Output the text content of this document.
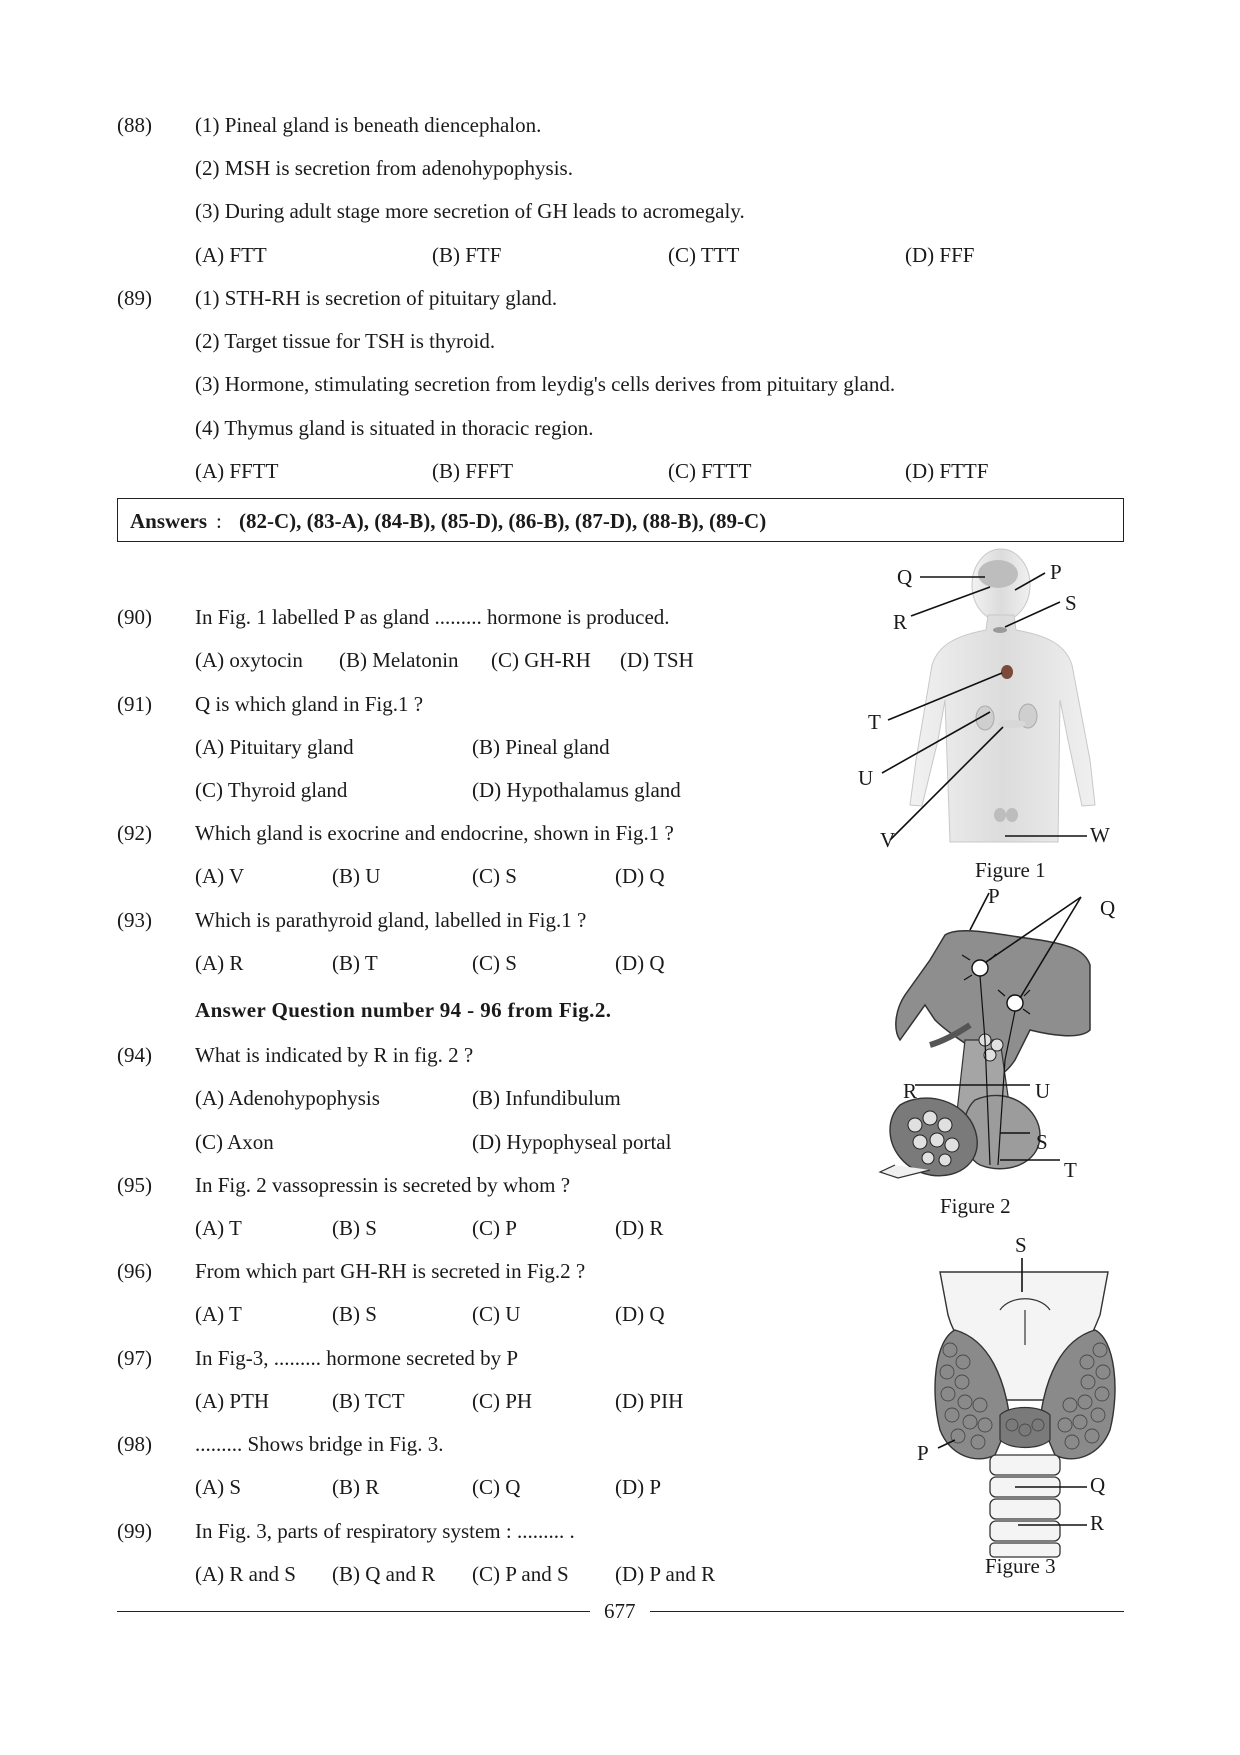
(88) (1) Pineal gland is beneath diencephalon.
(2) MSH is secretion from adenohypophysis.
(3) During adult stage more secretion of GH leads to acromegaly.
(A) FTT	(B) FTF	(C) TTT	(D) FFF
(89) (1) STH-RH is secretion of pituitary gland.
(2) Target tissue for TSH is thyroid.
(3) Hormone, stimulating secretion from leydig's cells derives from pituitary gland.
(4) Thymus gland is situated in thoracic region.
(A) FFTT	(B) FFFT	(C) FTTT	(D) FTTF
Answers : (82-C), (83-A), (84-B), (85-D), (86-B), (87-D), (88-B), (89-C)
(90) In Fig. 1 labelled P as gland ......... hormone is produced.
(A) oxytocin (B) Melatonin (C) GH-RH (D) TSH
(91) Q is which gland in Fig.1 ?
(A) Pituitary gland	(B) Pineal gland
(C) Thyroid gland	(D) Hypothalamus gland
(92) Which gland is exocrine and endocrine, shown in Fig.1 ?
(A) V	(B) U	(C) S	(D) Q
(93) Which is parathyroid gland, labelled in Fig.1 ?
(A) R	(B) T	(C) S	(D) Q
Answer Question number 94 - 96 from Fig.2.
(94) What is indicated by R in fig. 2 ?
(A) Adenohypophysis	(B) Infundibulum
(C) Axon	(D) Hypophyseal portal
(95) In Fig. 2 vassopressin is secreted by whom ?
(A) T	(B) S	(C) P	(D) R
(96) From which part GH-RH is secreted in Fig.2 ?
(A) T	(B) S	(C) U	(D) Q
(97) In Fig-3, ......... hormone secreted by P
(A) PTH	(B) TCT	(C) PH	(D) PIH
(98) ......... Shows bridge in Fig. 3.
(A) S	(B) R	(C) Q	(D) P
(99) In Fig. 3, parts of respiratory system : ......... .
(A) R and S (B) Q and R (C) P and S (D) P and R
Q	P
R
S
T
U
V	W
Figure 1
P	Q
R	U
S
T
Figure 2
S
P
Q
R
Figure 3
677
